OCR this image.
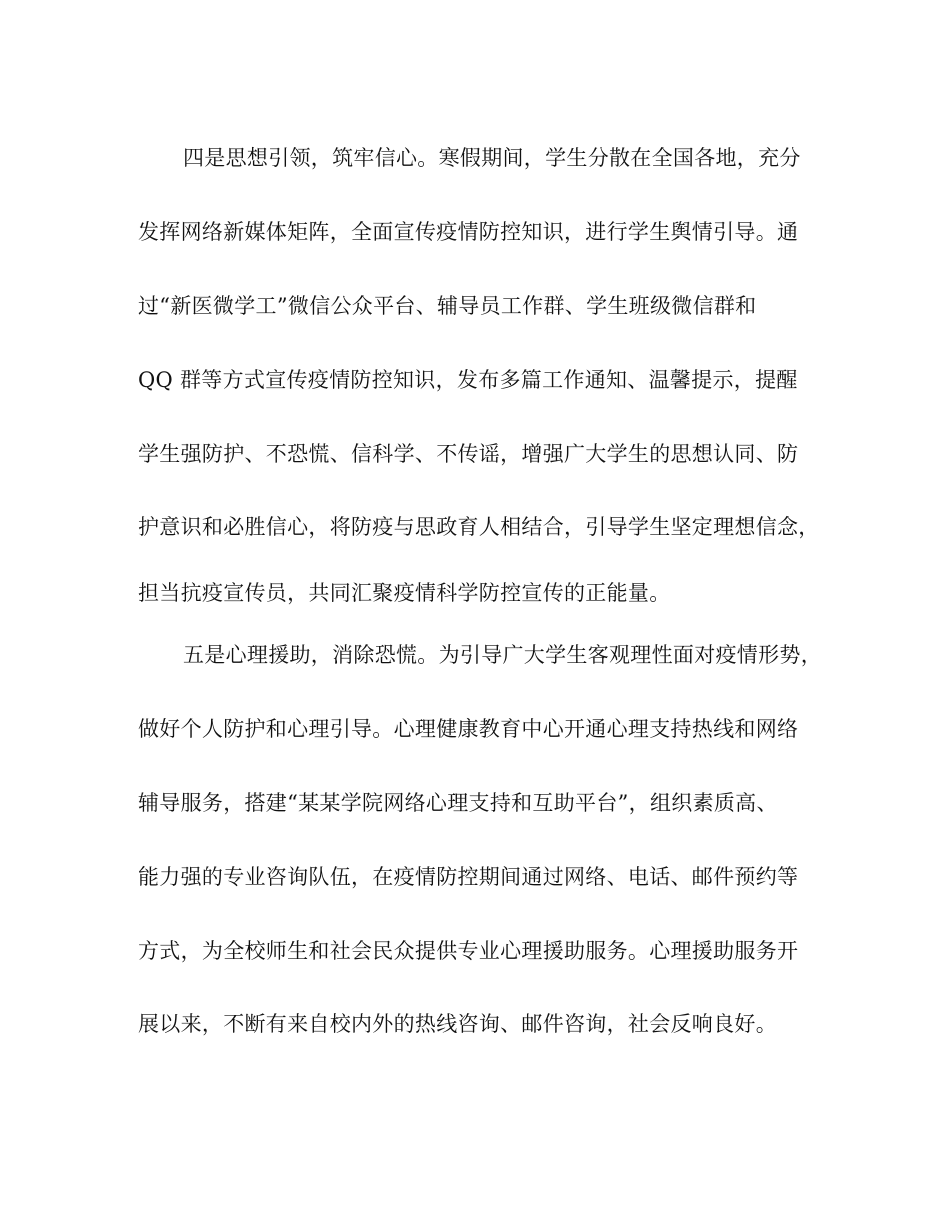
四是思想引领，筑牢信心。寒假期间，学生分散在全国各地，充分
发挥网络新媒体矩阵，全面宣传疫情防控知识，进行学生舆情引导。通
过“新医微学工”微信公众平台、辅导员工作群、学生班级微信群和
QQ 群等方式宣传疫情防控知识，发布多篇工作通知、温馨提示，提醒
学生强防护、不恐慌、信科学、不传谣，增强广大学生的思想认同、防
护意识和必胜信心，将防疫与思政育人相结合，引导学生坚定理想信念，
担当抗疫宣传员，共同汇聚疫情科学防控宣传的正能量。
五是心理援助，消除恐慌。为引导广大学生客观理性面对疫情形势，
做好个人防护和心理引导。心理健康教育中心开通心理支持热线和网络
辅导服务，搭建“某某学院网络心理支持和互助平台”，组织素质高、
能力强的专业咨询队伍，在疫情防控期间通过网络、电话、邮件预约等
方式，为全校师生和社会民众提供专业心理援助服务。心理援助服务开
展以来，不断有来自校内外的热线咨询、邮件咨询，社会反响良好。
